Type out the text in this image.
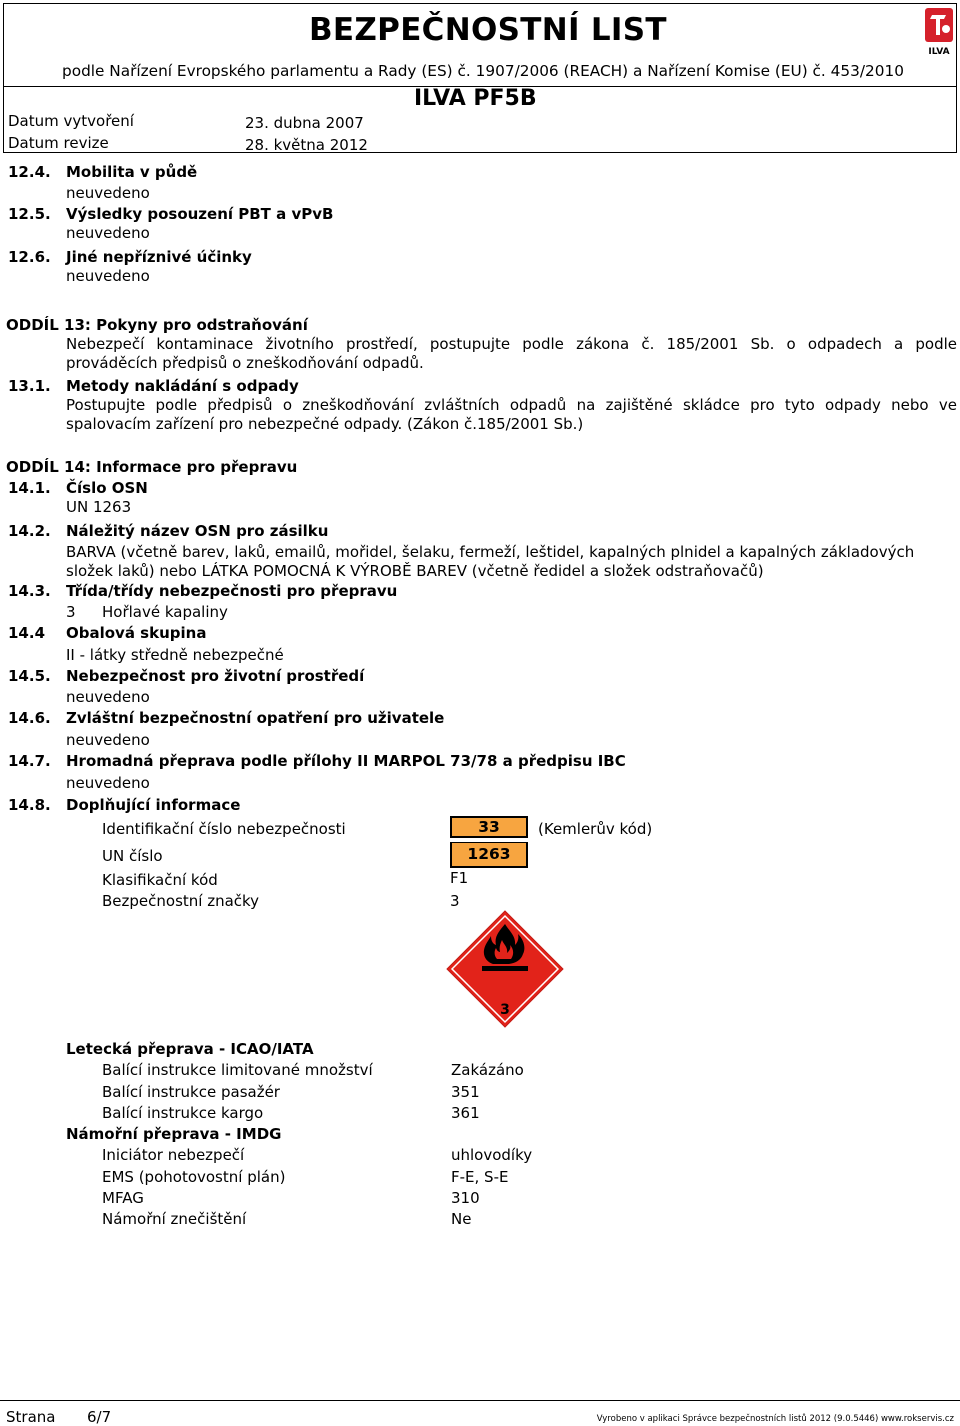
BEZPEČNOSTNÍ LIST
podle Nařízení Evropského parlamentu a Rady (ES) č. 1907/2006 (REACH) a Nařízení Komise (EU) č. 453/2010
ILVA PF5B
Datum vytvoření	23. dubna 2007
Datum revize	28. května 2012
ILVA
12.4. Mobilita v půdě
neuvedeno
12.5. Výsledky posouzení PBT a vPvB
neuvedeno
12.6. Jiné nepříznivé účinky
neuvedeno
ODDÍL 13: Pokyny pro odstraňování
Nebezpečí kontaminace životního prostředí, postupujte podle zákona č. 185/2001 Sb. o odpadech a podle
prováděcích předpisů o zneškodňování odpadů.
13.1. Metody nakládání s odpady
Postupujte podle předpisů o zneškodňování zvláštních odpadů na zajištěné skládce pro tyto odpady nebo ve
spalovacím zařízení pro nebezpečné odpady. (Zákon č.185/2001 Sb.)
ODDÍL 14: Informace pro přepravu
14.1. Číslo OSN
UN 1263
14.2. Náležitý název OSN pro zásilku
BARVA (včetně barev, laků, emailů, mořidel, šelaku, fermeží, leštidel, kapalných plnidel a kapalných základových
složek laků) nebo LÁTKA POMOCNÁ K VÝROBĚ BAREV (včetně ředidel a složek odstraňovačů)
14.3. Třída/třídy nebezpečnosti pro přepravu
3 Hořlavé kapaliny
14.4 Obalová skupina
II - látky středně nebezpečné
14.5. Nebezpečnost pro životní prostředí
neuvedeno
14.6. Zvláštní bezpečnostní opatření pro uživatele
neuvedeno
14.7. Hromadná přeprava podle přílohy II MARPOL 73/78 a předpisu IBC
neuvedeno
14.8. Doplňující informace
Identifikační číslo nebezpečnosti	33	(Kemlerův kód)
UN číslo	1263
Klasifikační kód	F1
Bezpečnostní značky	3
3
Letecká přeprava - ICAO/IATA
Balící instrukce limitované množství	Zakázáno
Balící instrukce pasažér	351
Balící instrukce kargo	361
Námořní přeprava - IMDG
Iniciátor nebezpečí	uhlovodíky
EMS (pohotovostní plán)	F-E, S-E
MFAG	310
Námořní znečištění	Ne
Strana 6/7	Vyrobeno v aplikaci Správce bezpečnostních listů 2012 (9.0.5446) www.rokservis.cz
